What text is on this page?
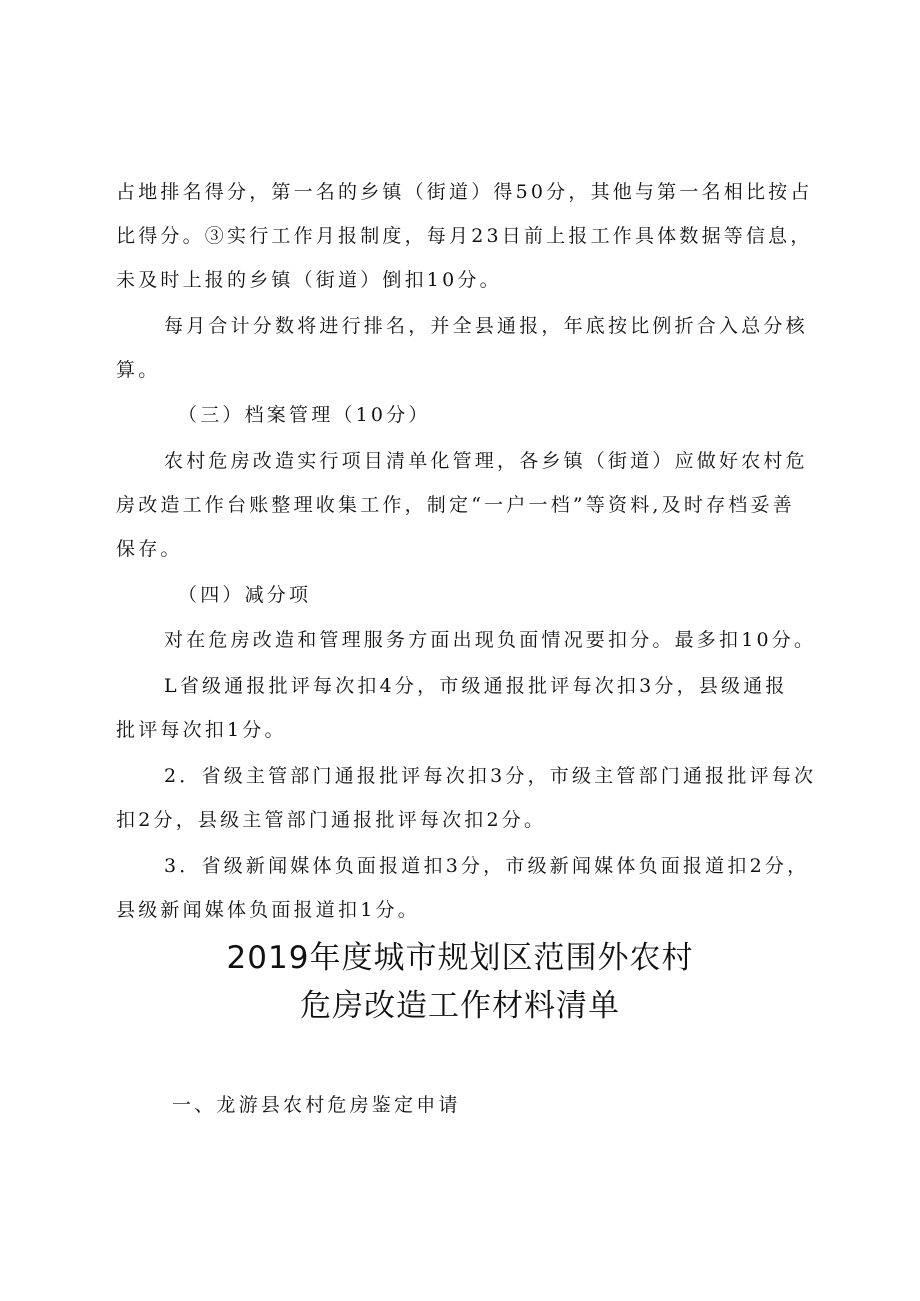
占地排名得分，第一名的乡镇（街道）得50分，其他与第一名相比按占
比得分。③实行工作月报制度，每月23日前上报工作具体数据等信息，
未及时上报的乡镇（街道）倒扣10分。
每月合计分数将进行排名，并全县通报，年底按比例折合入总分核
算。
（三）档案管理（10分）
农村危房改造实行项目清单化管理，各乡镇（街道）应做好农村危
房改造工作台账整理收集工作，制定“一户一档”等资料,及时存档妥善
保存。
（四）减分项
对在危房改造和管理服务方面出现负面情况要扣分。最多扣10分。
L省级通报批评每次扣4分，市级通报批评每次扣3分，县级通报
批评每次扣1分。
2．省级主管部门通报批评每次扣3分，市级主管部门通报批评每次
扣2分，县级主管部门通报批评每次扣2分。
3．省级新闻媒体负面报道扣3分，市级新闻媒体负面报道扣2分，
县级新闻媒体负面报道扣1分。
2019年度城市规划区范围外农村
危房改造工作材料清单
一、龙游县农村危房鉴定申请
